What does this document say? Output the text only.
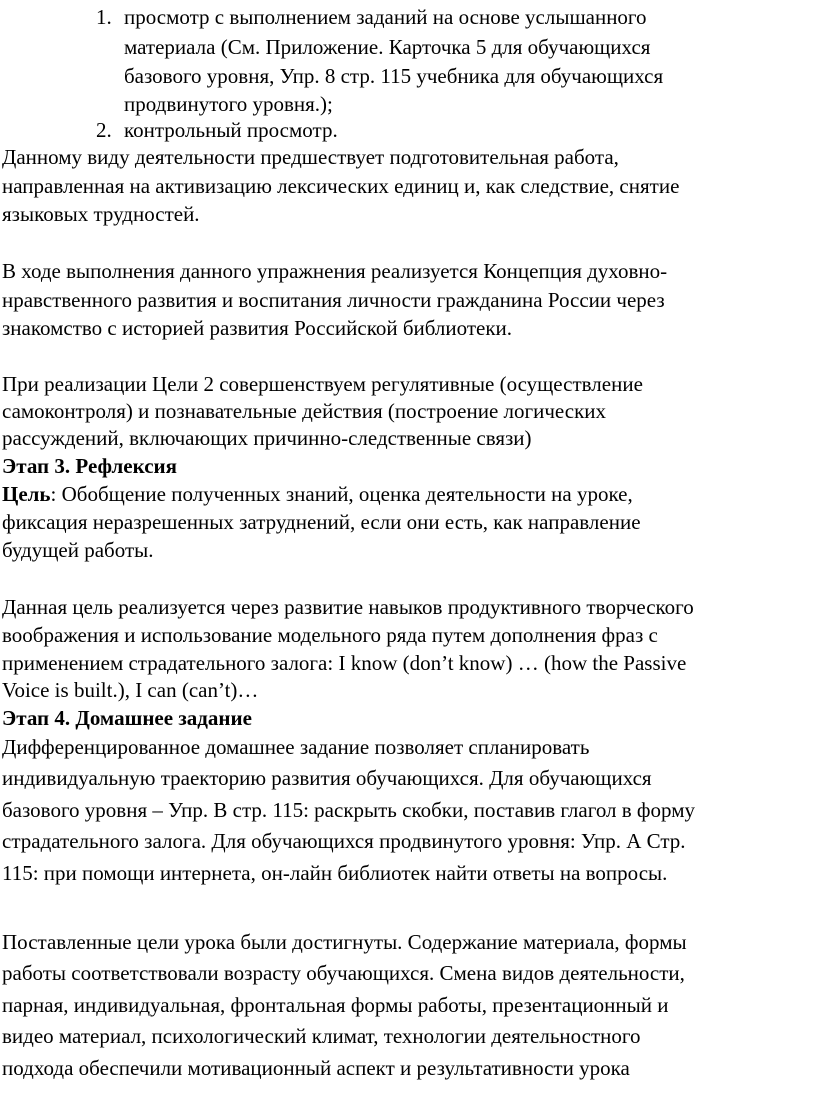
1. просмотр с выполнением заданий на основе услышанного
материала (См. Приложение. Карточка 5 для обучающихся
базового уровня, Упр. 8 стр. 115 учебника для обучающихся
продвинутого уровня.);
2. контрольный просмотр.
Данному виду деятельности предшествует подготовительная работа,
направленная на активизацию лексических единиц и, как следствие, снятие
языковых трудностей.
В ходе выполнения данного упражнения реализуется Концепция духовно-
нравственного развития и воспитания личности гражданина России через
знакомство с историей развития Российской библиотеки.
При реализации Цели 2 совершенствуем регулятивные (осуществление
самоконтроля) и познавательные действия (построение логических
рассуждений, включающих причинно-следственные связи)
Этап 3. Рефлексия
Цель: Обобщение полученных знаний, оценка деятельности на уроке,
фиксация неразрешенных затруднений, если они есть, как направление
будущей работы.
Данная цель реализуется через развитие навыков продуктивного творческого
воображения и использование модельного ряда путем дополнения фраз с
применением страдательного залога: I know (don’t know) … (how the Passive
Voice is built.), I can (can’t)…
Этап 4. Домашнее задание
Дифференцированное домашнее задание позволяет спланировать
индивидуальную траекторию развития обучающихся. Для обучающихся
базового уровня – Упр. В стр. 115: раскрыть скобки, поставив глагол в форму
страдательного залога. Для обучающихся продвинутого уровня: Упр. А Стр.
115: при помощи интернета, он-лайн библиотек найти ответы на вопросы.
Поставленные цели урока были достигнуты. Содержание материала, формы
работы соответствовали возрасту обучающихся. Смена видов деятельности,
парная, индивидуальная, фронтальная формы работы, презентационный и
видео материал, психологический климат, технологии деятельностного
подхода обеспечили мотивационный аспект и результативности урока
